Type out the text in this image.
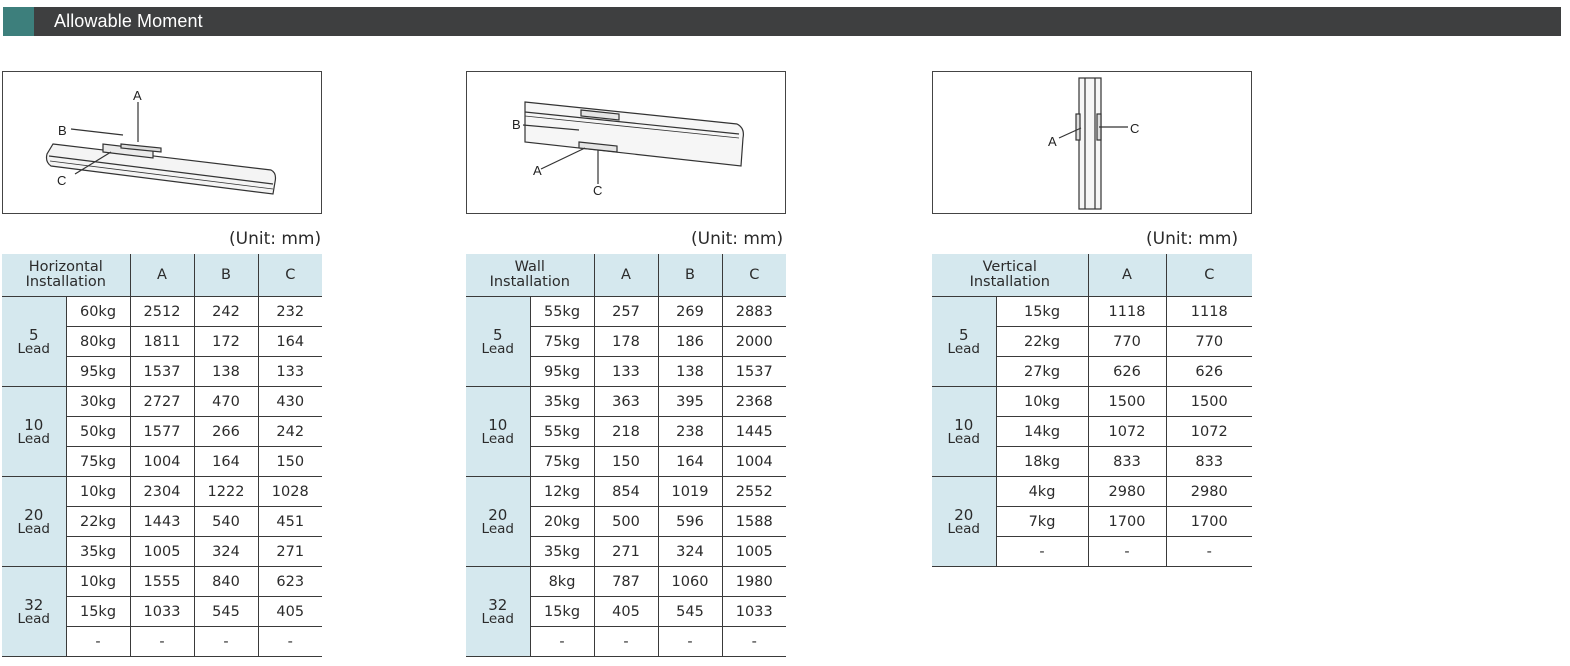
Allowable Moment
A
B
C
B
A
C
A
C
(Unit: mm)	(Unit: mm)	(Unit: mm)
Horizontal
Installation		A	B	C

5
Lead	60kg	2512	242	232
	80kg	1811	172	164
	95kg	1537	138	133

10
Lead	30kg	2727	470	430
	50kg	1577	266	242
	75kg	1004	164	150

20
Lead	10kg	2304	1222	1028
	22kg	1443	540	451
	35kg	1005	324	271

32
Lead	10kg	1555	840	623
	15kg	1033	545	405
	-	-	-	-
Wall
Installation		A	B	C

5
Lead	55kg	257	269	2883
	75kg	178	186	2000
	95kg	133	138	1537

10
Lead	35kg	363	395	2368
	55kg	218	238	1445
	75kg	150	164	1004

20
Lead	12kg	854	1019	2552
	20kg	500	596	1588
	35kg	271	324	1005

32
Lead	8kg	787	1060	1980
	15kg	405	545	1033
	-	-	-	-
Vertical
Installation		A	C

5
Lead	15kg	1118	1118
	22kg	770	770
	27kg	626	626

10
Lead	10kg	1500	1500
	14kg	1072	1072
	18kg	833	833

20
Lead	4kg	2980	2980
	7kg	1700	1700
	-	-	-
